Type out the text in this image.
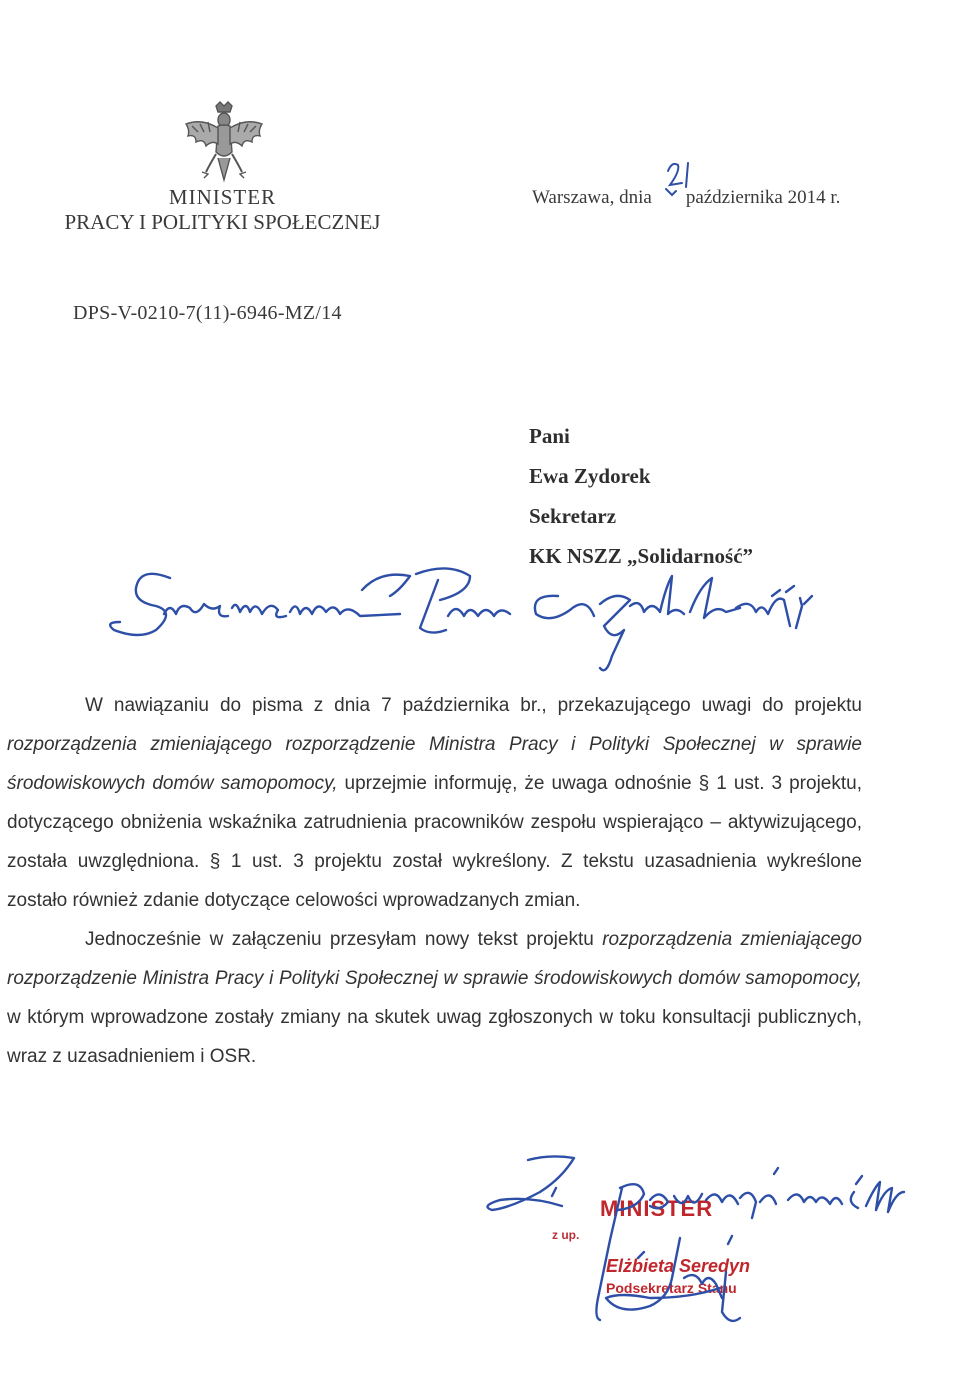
MINISTER
PRACY I POLITYKI SPOŁECZNEJ
Warszawa, dnia października 2014 r.
DPS-V-0210-7(11)-6946-MZ/14
Pani
Ewa Zydorek
Sekretarz
KK NSZZ „Solidarność”

W nawiązaniu do pisma z dnia 7 października br., przekazującego uwagi do projektu rozporządzenia zmieniającego rozporządzenie Ministra Pracy i Polityki Społecznej w sprawie środowiskowych domów samopomocy, uprzejmie informuję, że uwaga odnośnie § 1 ust. 3 projektu, dotyczącego obniżenia wskaźnika zatrudnienia pracowników zespołu wspierająco – aktywizującego, została uwzględniona. § 1 ust. 3 projektu został wykreślony. Z tekstu uzasadnienia wykreślone zostało również zdanie dotyczące celowości wprowadzanych zmian.

Jednocześnie w załączeniu przesyłam nowy tekst projektu rozporządzenia zmieniającego rozporządzenie Ministra Pracy i Polityki Społecznej w sprawie środowiskowych domów samopomocy, w którym wprowadzone zostały zmiany na skutek uwag zgłoszonych w toku konsultacji publicznych, wraz z uzasadnieniem i OSR.

MINISTER
z up.
Elżbieta Seredyn
Podsekretarz Stanu
